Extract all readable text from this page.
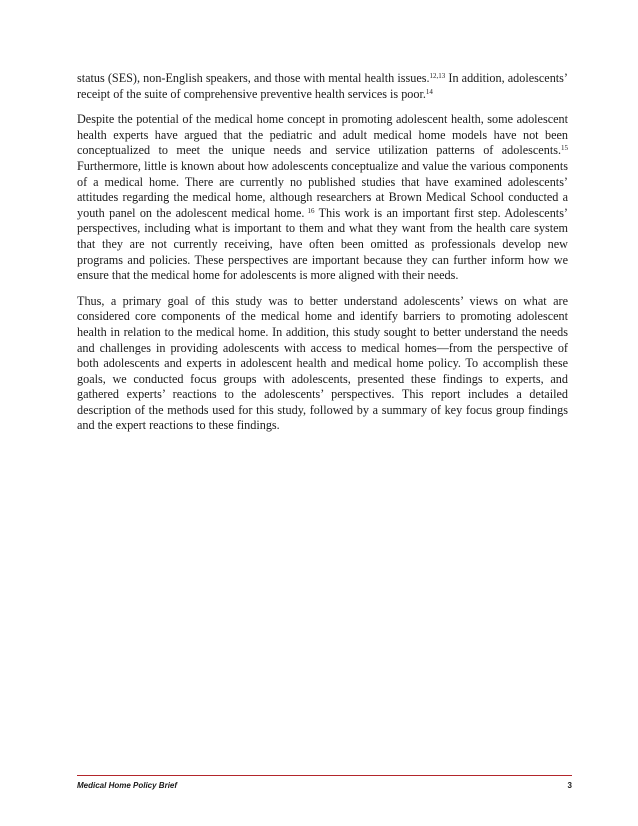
status (SES), non-English speakers, and those with mental health issues.$^{12,13}$ In addition, adolescents’ receipt of the suite of comprehensive preventive health services is poor.$^{14}$

Despite the potential of the medical home concept in promoting adolescent health, some adolescent health experts have argued that the pediatric and adult medical home models have not been conceptualized to meet the unique needs and service utilization patterns of adolescents.$^{15}$ Furthermore, little is known about how adolescents conceptualize and value the various components of a medical home. There are currently no published studies that have examined adolescents’ attitudes regarding the medical home, although researchers at Brown Medical School conducted a youth panel on the adolescent medical home. $^{16}$ This work is an important first step. Adolescents’ perspectives, including what is important to them and what they want from the health care system that they are not currently receiving, have often been omitted as professionals develop new programs and policies. These perspectives are important because they can further inform how we ensure that the medical home for adolescents is more aligned with their needs.

Thus, a primary goal of this study was to better understand adolescents’ views on what are considered core components of the medical home and identify barriers to promoting adolescent health in relation to the medical home. In addition, this study sought to better understand the needs and challenges in providing adolescents with access to medical homes—from the perspective of both adolescents and experts in adolescent health and medical home policy. To accomplish these goals, we conducted focus groups with adolescents, presented these findings to experts, and gathered experts’ reactions to the adolescents’ perspectives. This report includes a detailed description of the methods used for this study, followed by a summary of key focus group findings and the expert reactions to these findings.

Medical Home Policy Brief	3
